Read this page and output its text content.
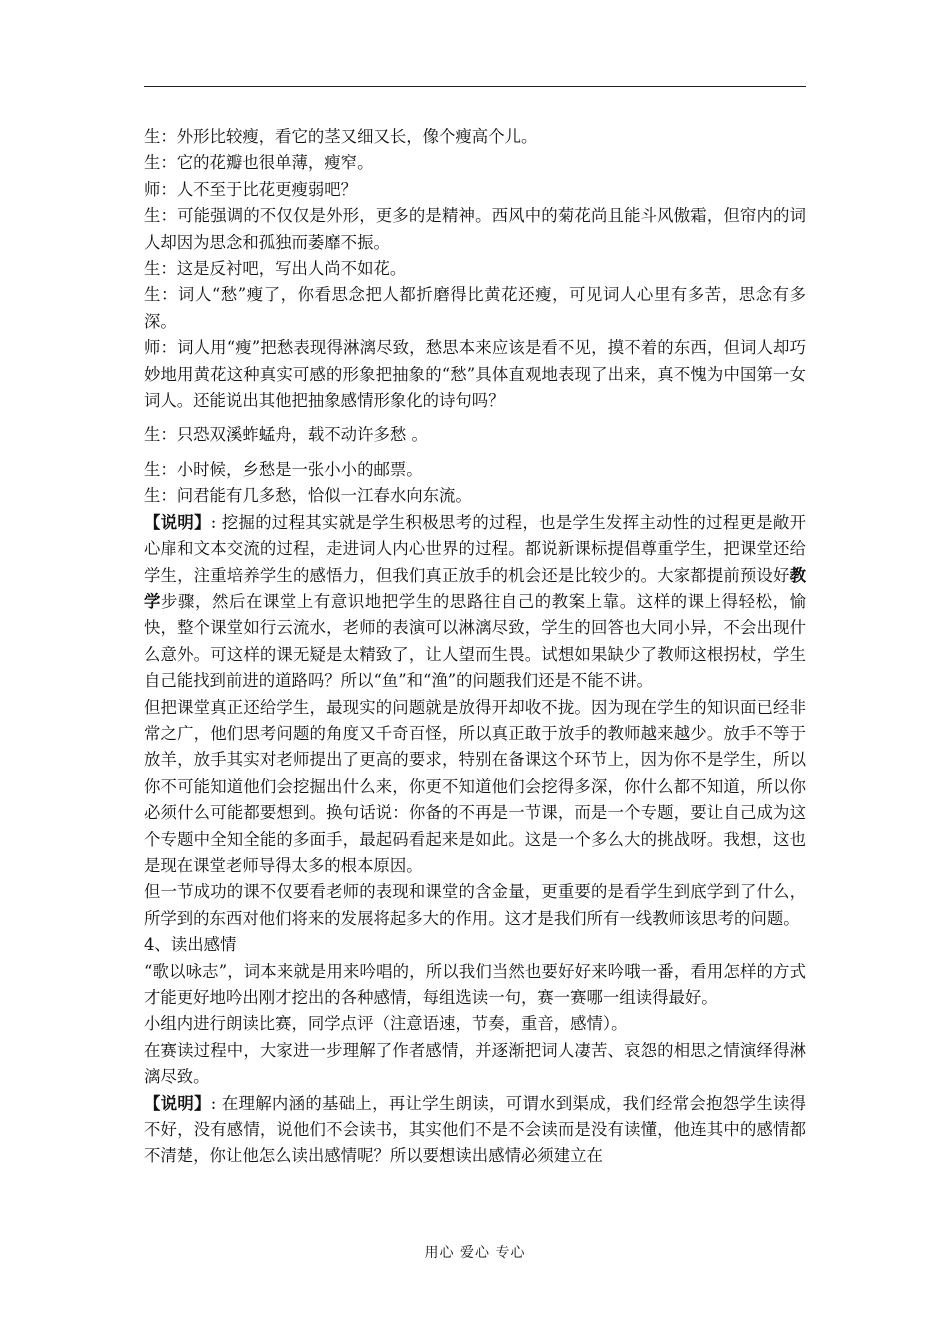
生：外形比较瘦，看它的茎又细又长，像个瘦高个儿。

生：它的花瓣也很单薄，瘦窄。

师：人不至于比花更瘦弱吧？

生：可能强调的不仅仅是外形，更多的是精神。西风中的菊花尚且能斗风傲霜，但帘内的词人却因为思念和孤独而萎靡不振。

生：这是反衬吧，写出人尚不如花。

生：词人“愁”瘦了，你看思念把人都折磨得比黄花还瘦，可见词人心里有多苦，思念有多深。

师：词人用“瘦”把愁表现得淋漓尽致，愁思本来应该是看不见，摸不着的东西，但词人却巧妙地用黄花这种真实可感的形象把抽象的“愁”具体直观地表现了出来，真不愧为中国第一女词人。还能说出其他把抽象感情形象化的诗句吗？

生：只恐双溪蚱蜢舟，载不动许多愁 。

生：小时候，乡愁是一张小小的邮票。

生：问君能有几多愁，恰似一江春水向东流。

【说明】: 挖掘的过程其实就是学生积极思考的过程，也是学生发挥主动性的过程更是敞开心扉和文本交流的过程，走进词人内心世界的过程。都说新课标提倡尊重学生，把课堂还给学生，注重培养学生的感悟力，但我们真正放手的机会还是比较少的。大家都提前预设好教学步骤，然后在课堂上有意识地把学生的思路往自己的教案上靠。这样的课上得轻松，愉快，整个课堂如行云流水，老师的表演可以淋漓尽致，学生的回答也大同小异，不会出现什么意外。可这样的课无疑是太精致了，让人望而生畏。试想如果缺少了教师这根拐杖，学生自己能找到前进的道路吗？所以“鱼”和“渔”的问题我们还是不能不讲。

但把课堂真正还给学生，最现实的问题就是放得开却收不拢。因为现在学生的知识面已经非常之广，他们思考问题的角度又千奇百怪，所以真正敢于放手的教师越来越少。放手不等于放羊，放手其实对老师提出了更高的要求，特别在备课这个环节上，因为你不是学生，所以你不可能知道他们会挖掘出什么来，你更不知道他们会挖得多深，你什么都不知道，所以你必须什么可能都要想到。换句话说：你备的不再是一节课，而是一个专题，要让自己成为这个专题中全知全能的多面手，最起码看起来是如此。这是一个多么大的挑战呀。我想，这也是现在课堂老师导得太多的根本原因。

但一节成功的课不仅要看老师的表现和课堂的含金量，更重要的是看学生到底学到了什么，所学到的东西对他们将来的发展将起多大的作用。这才是我们所有一线教师该思考的问题。

4、读出感情

“歌以咏志”，词本来就是用来吟唱的，所以我们当然也要好好来吟哦一番，看用怎样的方式才能更好地吟出刚才挖出的各种感情，每组选读一句，赛一赛哪一组读得最好。

小组内进行朗读比赛，同学点评（注意语速，节奏，重音，感情）。

在赛读过程中，大家进一步理解了作者感情，并逐渐把词人凄苦、哀怨的相思之情演绎得淋漓尽致。

【说明】: 在理解内涵的基础上，再让学生朗读，可谓水到渠成，我们经常会抱怨学生读得不好，没有感情，说他们不会读书，其实他们不是不会读而是没有读懂，他连其中的感情都不清楚，你让他怎么读出感情呢？所以要想读出感情必须建立在

用心 爱心 专心
